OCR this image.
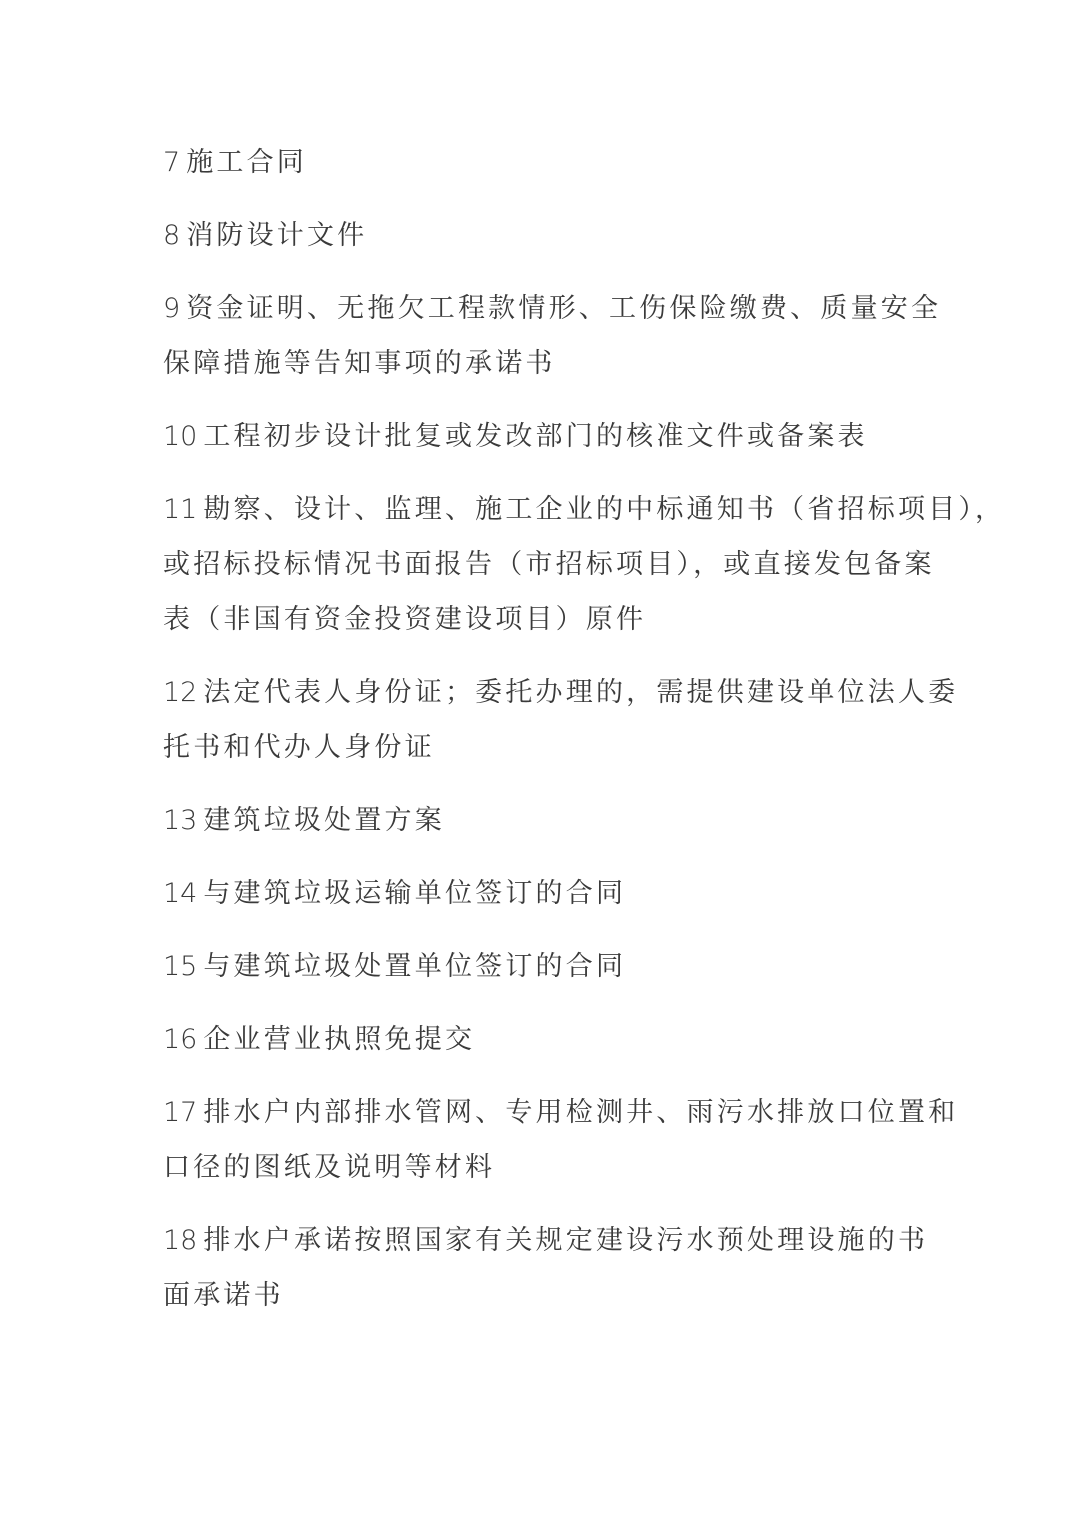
7 施工合同
8 消防设计文件
9 资金证明、无拖欠工程款情形、工伤保险缴费、质量安全
保障措施等告知事项的承诺书
10 工程初步设计批复或发改部门的核准文件或备案表
11 勘察、设计、监理、施工企业的中标通知书（省招标项目），
或招标投标情况书面报告（市招标项目），或直接发包备案
表（非国有资金投资建设项目）原件
12 法定代表人身份证；委托办理的，需提供建设单位法人委
托书和代办人身份证
13 建筑垃圾处置方案
14 与建筑垃圾运输单位签订的合同
15 与建筑垃圾处置单位签订的合同
16 企业营业执照免提交
17 排水户内部排水管网、专用检测井、雨污水排放口位置和
口径的图纸及说明等材料
18 排水户承诺按照国家有关规定建设污水预处理设施的书
面承诺书
